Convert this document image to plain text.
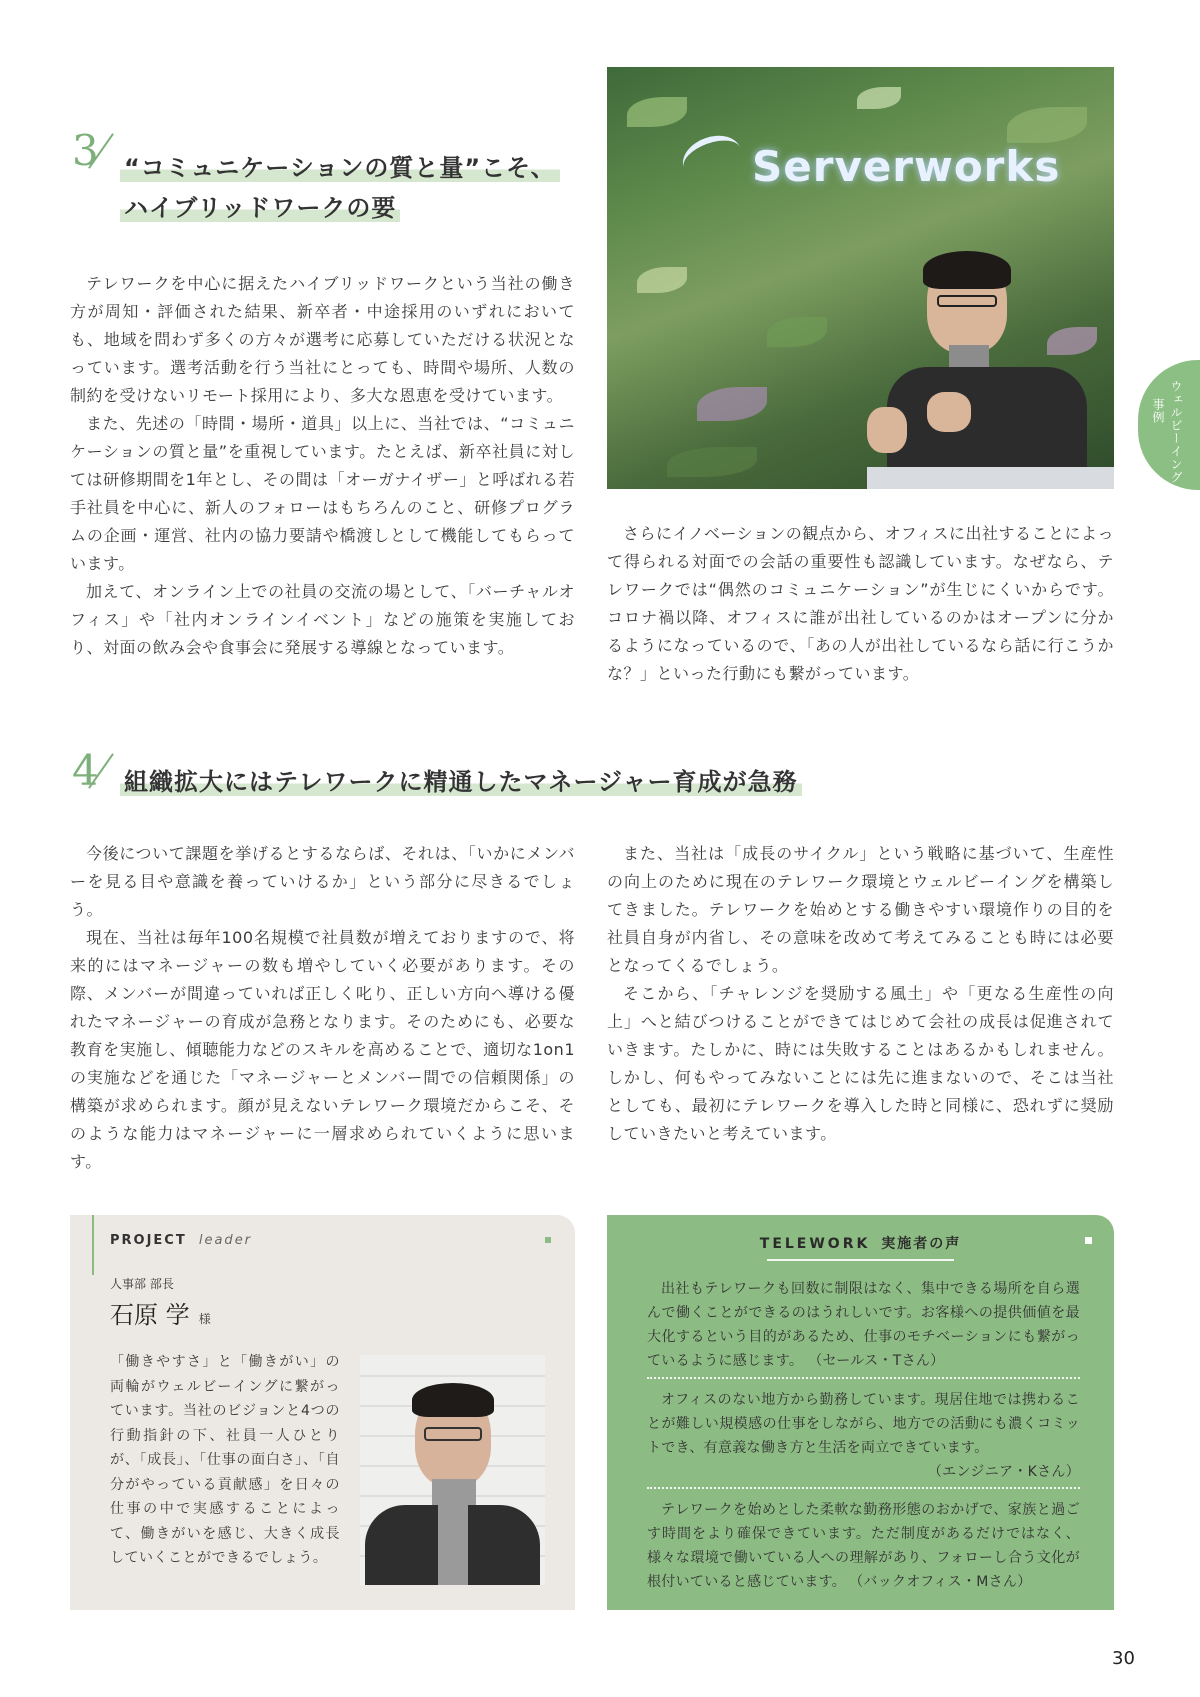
3 “コミュニケーションの質と量”こそ、
ハイブリッドワークの要

テレワークを中心に据えたハイブリッドワークという当社の働き方が周知・評価された結果、新卒者・中途採用のいずれにおいても、地域を問わず多くの方々が選考に応募していただける状況となっています。選考活動を行う当社にとっても、時間や場所、人数の制約を受けないリモート採用により、多大な恩恵を受けています。

また、先述の「時間・場所・道具」以上に、当社では、“コミュニケーションの質と量”を重視しています。たとえば、新卒社員に対しては研修期間を1年とし、その間は「オーガナイザー」と呼ばれる若手社員を中心に、新人のフォローはもちろんのこと、研修プログラムの企画・運営、社内の協力要請や橋渡しとして機能してもらっています。

加えて、オンライン上での社員の交流の場として、「バーチャルオフィス」や「社内オンラインイベント」などの施策を実施しており、対面の飲み会や食事会に発展する導線となっています。

Serverworks
ウェルビーイング
事例

さらにイノベーションの観点から、オフィスに出社することによって得られる対面での会話の重要性も認識しています。なぜなら、テレワークでは“偶然のコミュニケーション”が生じにくいからです。コロナ禍以降、オフィスに誰が出社しているのかはオープンに分かるようになっているので、「あの人が出社しているなら話に行こうかな？」といった行動にも繋がっています。

4 組織拡大にはテレワークに精通したマネージャー育成が急務

今後について課題を挙げるとするならば、それは、「いかにメンバーを見る目や意識を養っていけるか」という部分に尽きるでしょう。

現在、当社は毎年100名規模で社員数が増えておりますので、将来的にはマネージャーの数も増やしていく必要があります。その際、メンバーが間違っていれば正しく叱り、正しい方向へ導ける優れたマネージャーの育成が急務となります。そのためにも、必要な教育を実施し、傾聴能力などのスキルを高めることで、適切な1on1の実施などを通じた「マネージャーとメンバー間での信頼関係」の構築が求められます。顔が見えないテレワーク環境だからこそ、そのような能力はマネージャーに一層求められていくように思います。

また、当社は「成長のサイクル」という戦略に基づいて、生産性の向上のために現在のテレワーク環境とウェルビーイングを構築してきました。テレワークを始めとする働きやすい環境作りの目的を社員自身が内省し、その意味を改めて考えてみることも時には必要となってくるでしょう。

そこから、「チャレンジを奨励する風土」や「更なる生産性の向上」へと結びつけることができてはじめて会社の成長は促進されていきます。たしかに、時には失敗することはあるかもしれません。しかし、何もやってみないことには先に進まないので、そこは当社としても、最初にテレワークを導入した時と同様に、恐れずに奨励していきたいと考えています。

PROJECT leader
人事部 部長
石原 学 様
「働きやすさ」と「働きがい」の両輪がウェルビーイングに繋がっています。当社のビジョンと4つの行動指針の下、社員一人ひとりが、「成長」、「仕事の面白さ」、「自分がやっている貢献感」を日々の仕事の中で実感することによって、働きがいを感じ、大きく成長していくことができるでしょう。
TELEWORK 実施者の声

出社もテレワークも回数に制限はなく、集中できる場所を自ら選んで働くことができるのはうれしいです。お客様への提供価値を最大化するという目的があるため、仕事のモチベーションにも繋がっているように感じます。 （セールス・Tさん）

オフィスのない地方から勤務しています。現居住地では携わることが難しい規模感の仕事をしながら、地方での活動にも濃くコミットでき、有意義な働き方と生活を両立できています。

（エンジニア・Kさん）

テレワークを始めとした柔軟な勤務形態のおかげで、家族と過ごす時間をより確保できています。ただ制度があるだけではなく、様々な環境で働いている人への理解があり、フォローし合う文化が根付いていると感じています。 （バックオフィス・Mさん）

30
